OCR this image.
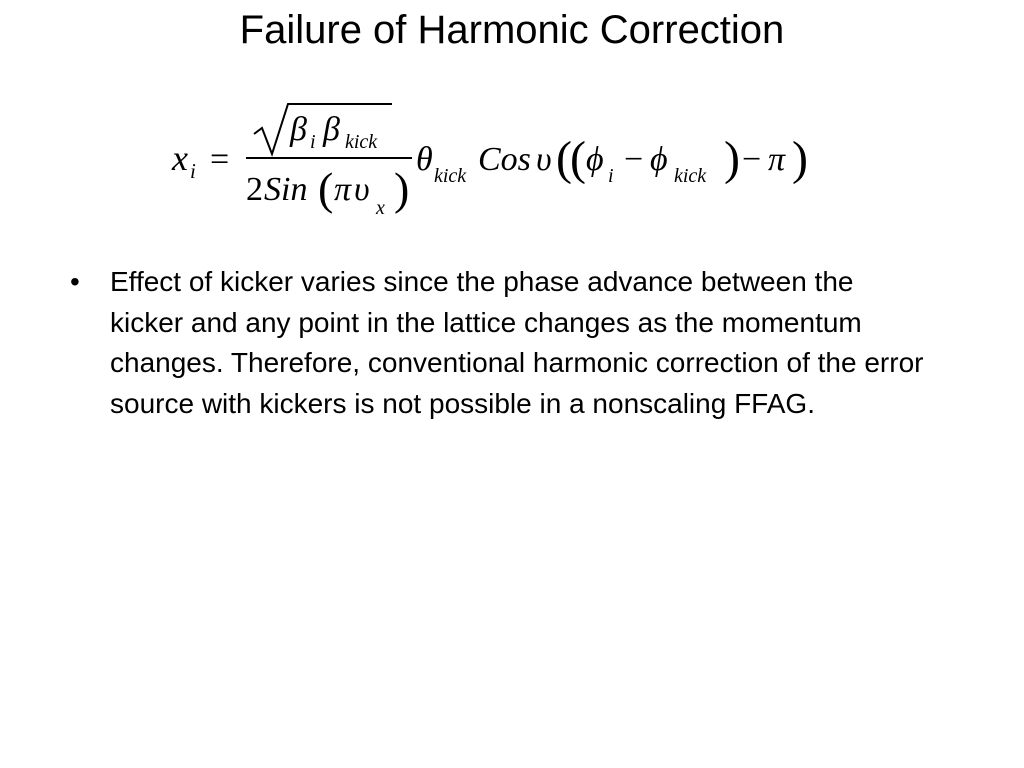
Failure of Harmonic Correction
x i =
β i β kick
2 Sin ( π υ x )
θ kick Cos υ (
( ϕ i − ϕ kick ) − π )
•	Effect of kicker varies since the phase advance between the kicker and any point in the lattice changes as the momentum changes. Therefore, conventional harmonic correction of the error source with kickers is not possible in a nonscaling FFAG.
